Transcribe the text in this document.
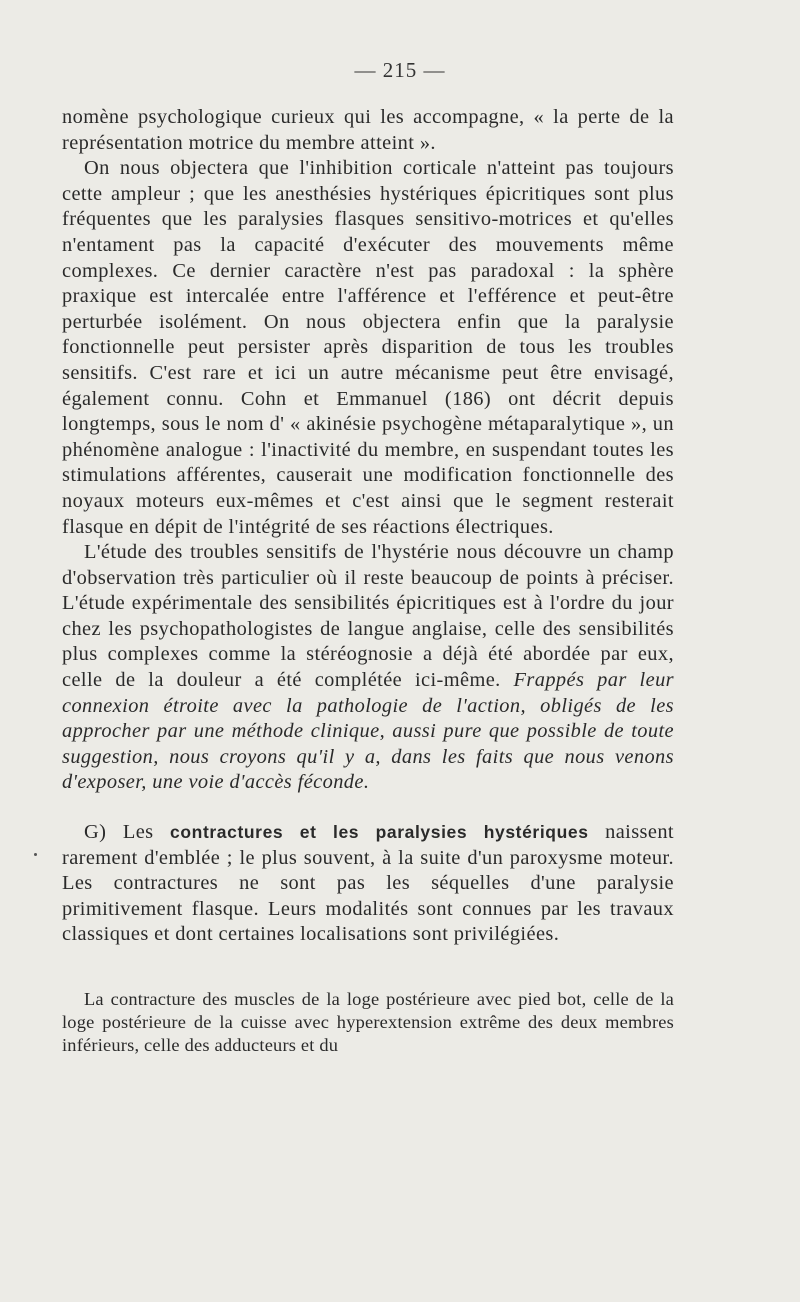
— 215 —

nomène psychologique curieux qui les accompagne, « la perte de la représentation motrice du membre atteint ».

On nous objectera que l'inhibition corticale n'atteint pas toujours cette ampleur ; que les anesthésies hystériques épicritiques sont plus fréquentes que les paralysies flasques sensitivo-motrices et qu'elles n'entament pas la capacité d'exécuter des mouvements même complexes. Ce dernier caractère n'est pas paradoxal : la sphère praxique est intercalée entre l'afférence et l'efférence et peut-être perturbée isolément. On nous objectera enfin que la paralysie fonctionnelle peut persister après disparition de tous les troubles sensitifs. C'est rare et ici un autre mécanisme peut être envisagé, également connu. Cohn et Emmanuel (186) ont décrit depuis longtemps, sous le nom d' « akinésie psychogène métaparalytique », un phénomène analogue : l'inactivité du membre, en suspendant toutes les stimulations afférentes, causerait une modification fonctionnelle des noyaux moteurs eux-mêmes et c'est ainsi que le segment resterait flasque en dépit de l'intégrité de ses réactions électriques.

L'étude des troubles sensitifs de l'hystérie nous découvre un champ d'observation très particulier où il reste beaucoup de points à préciser. L'étude expérimentale des sensibilités épicritiques est à l'ordre du jour chez les psychopathologistes de langue anglaise, celle des sensibilités plus complexes comme la stéréognosie a déjà été abordée par eux, celle de la douleur a été complétée ici-même. Frappés par leur connexion étroite avec la pathologie de l'action, obligés de les approcher par une méthode clinique, aussi pure que possible de toute suggestion, nous croyons qu'il y a, dans les faits que nous venons d'exposer, une voie d'accès féconde.

G) Les contractures et les paralysies hystériques naissent rarement d'emblée ; le plus souvent, à la suite d'un paroxysme moteur. Les contractures ne sont pas les séquelles d'une paralysie primitivement flasque. Leurs modalités sont connues par les travaux classiques et dont certaines localisations sont privilégiées.

La contracture des muscles de la loge postérieure avec pied bot, celle de la loge postérieure de la cuisse avec hyperextension extrême des deux membres inférieurs, celle des adducteurs et du
